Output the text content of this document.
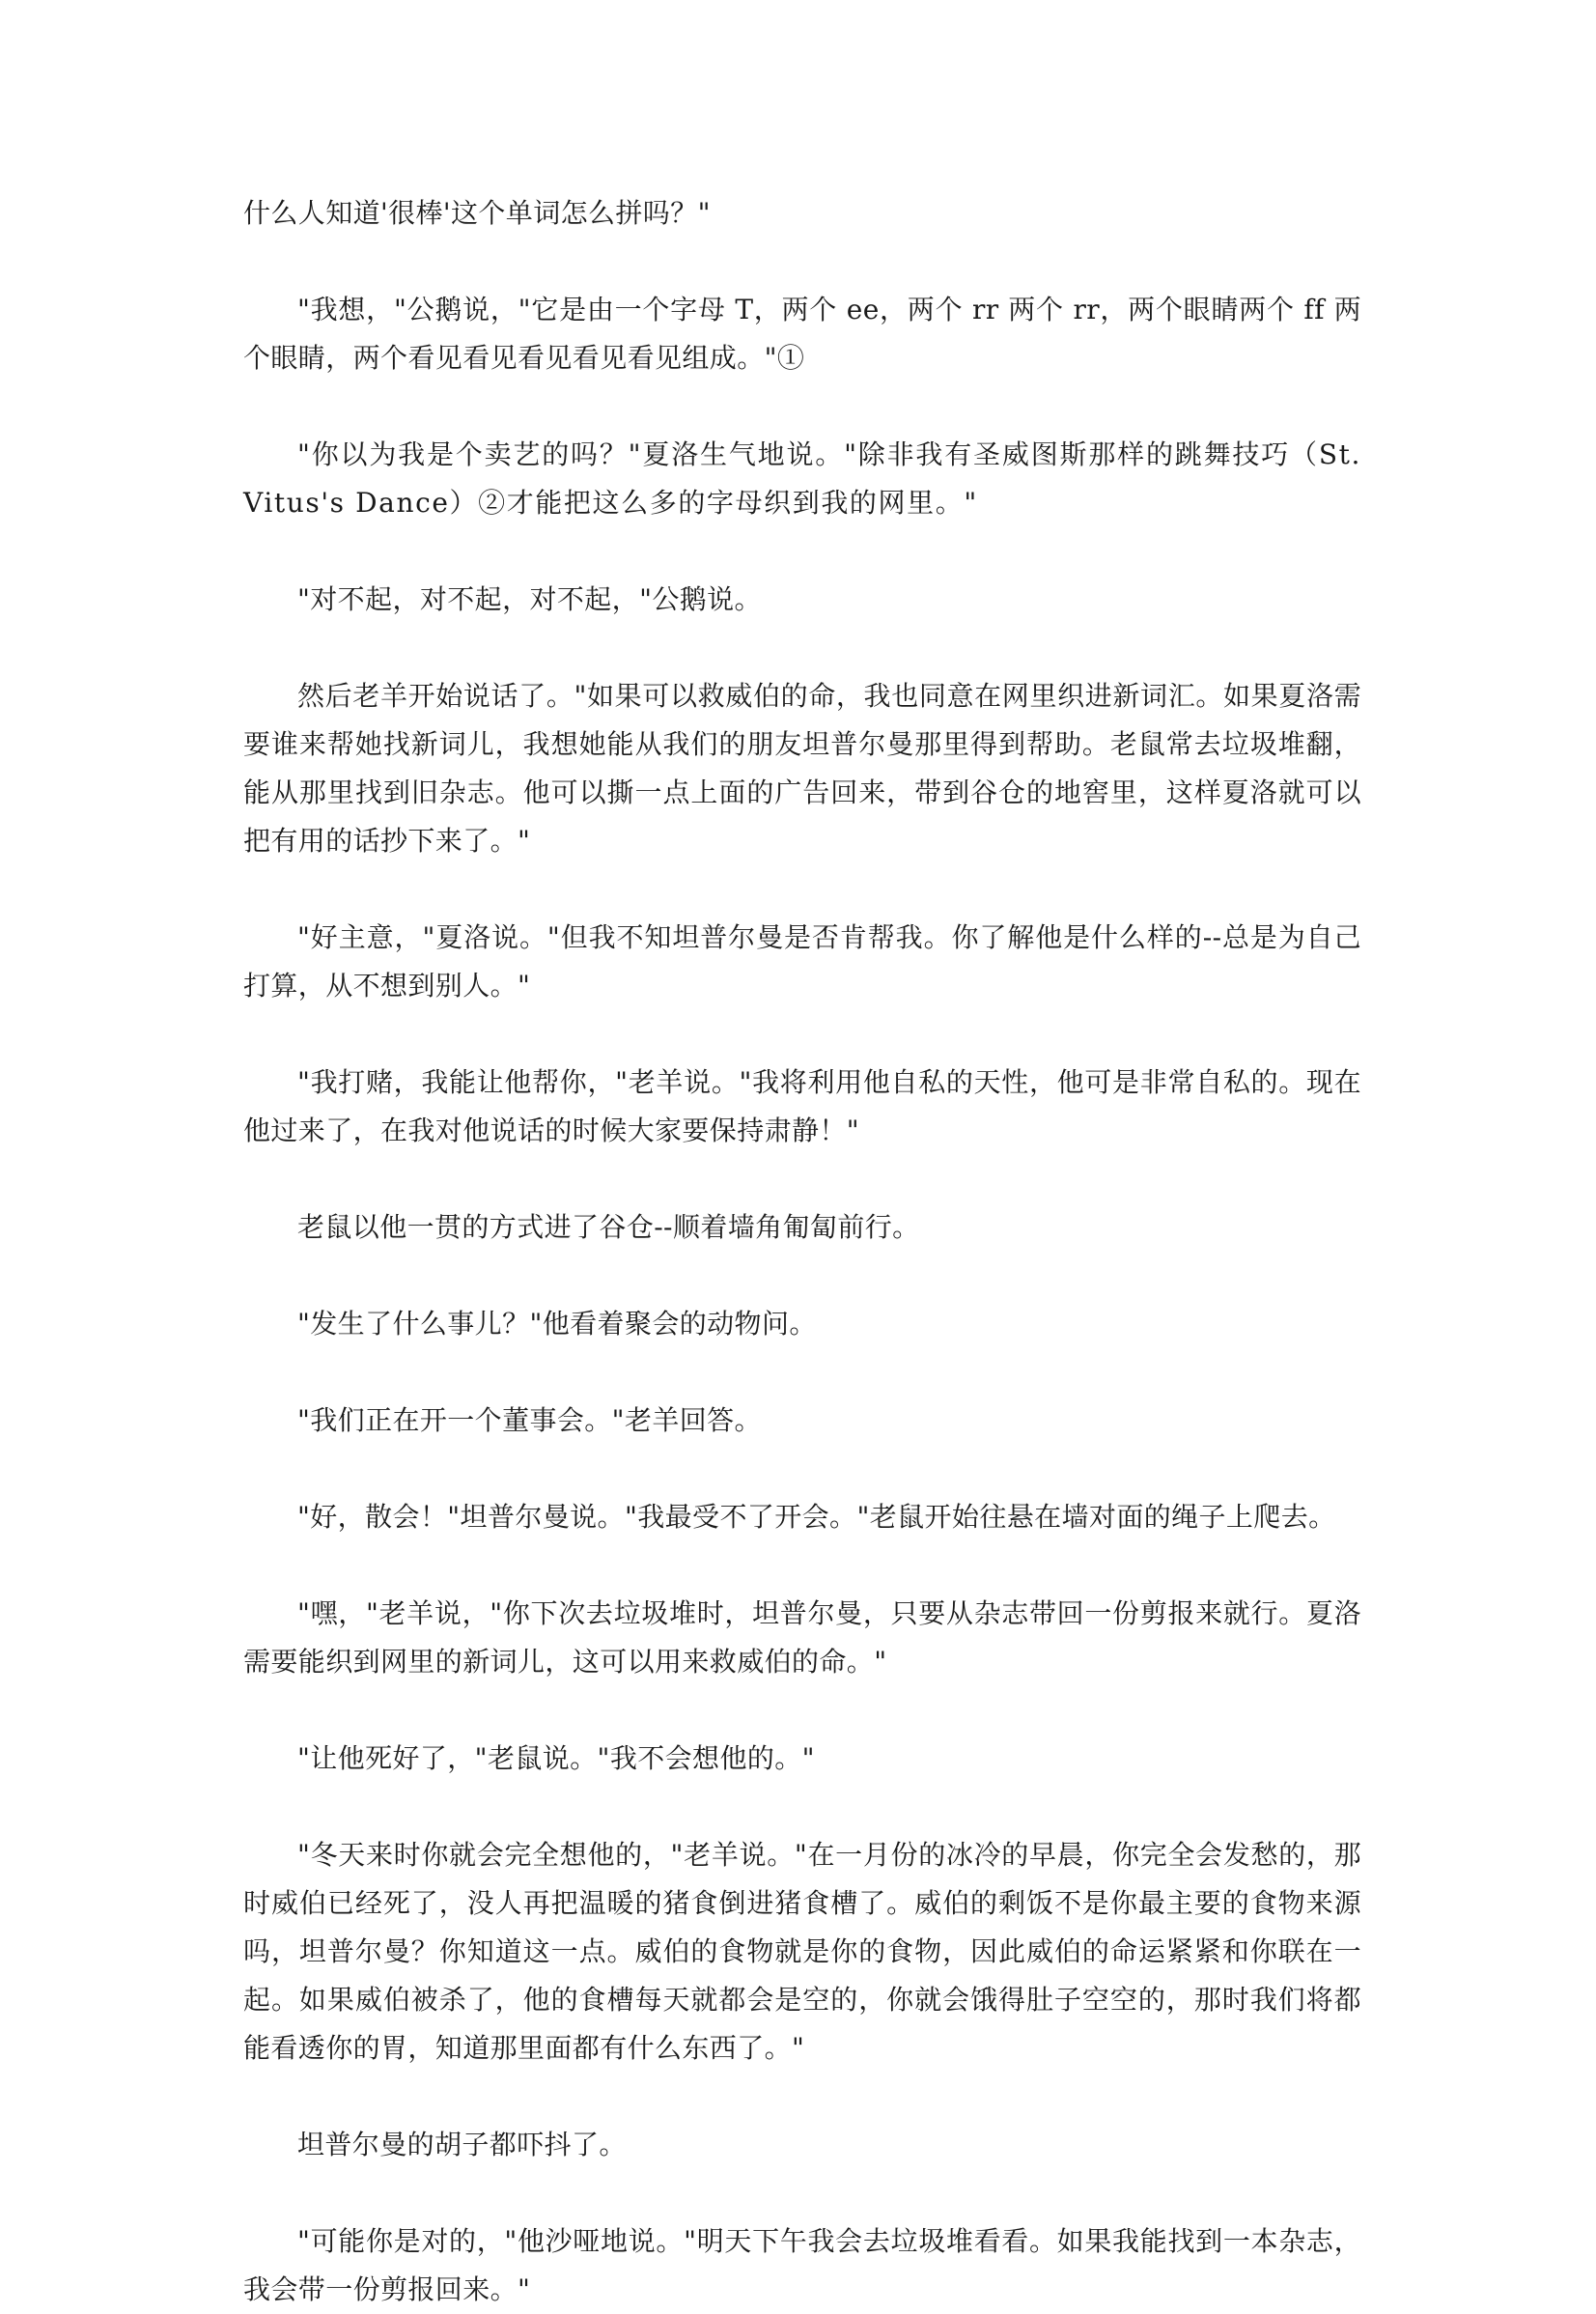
什么人知道'很棒'这个单词怎么拼吗？"

"我想，"公鹅说，"它是由一个字母 T，两个 ee，两个 rr 两个 rr，两个眼睛两个 ff 两个眼睛，两个看见看见看见看见看见组成。"①

"你以为我是个卖艺的吗？"夏洛生气地说。"除非我有圣威图斯那样的跳舞技巧（St.Vitus's Dance）②才能把这么多的字母织到我的网里。"

"对不起，对不起，对不起，"公鹅说。

然后老羊开始说话了。"如果可以救威伯的命，我也同意在网里织进新词汇。如果夏洛需要谁来帮她找新词儿，我想她能从我们的朋友坦普尔曼那里得到帮助。老鼠常去垃圾堆翻，能从那里找到旧杂志。他可以撕一点上面的广告回来，带到谷仓的地窖里，这样夏洛就可以把有用的话抄下来了。"

"好主意，"夏洛说。"但我不知坦普尔曼是否肯帮我。你了解他是什么样的--总是为自己打算，从不想到别人。"

"我打赌，我能让他帮你，"老羊说。"我将利用他自私的天性，他可是非常自私的。现在他过来了，在我对他说话的时候大家要保持肃静！"

老鼠以他一贯的方式进了谷仓--顺着墙角匍匐前行。

"发生了什么事儿？"他看着聚会的动物问。

"我们正在开一个董事会。"老羊回答。

"好，散会！"坦普尔曼说。"我最受不了开会。"老鼠开始往悬在墙对面的绳子上爬去。

"嘿，"老羊说，"你下次去垃圾堆时，坦普尔曼，只要从杂志带回一份剪报来就行。夏洛需要能织到网里的新词儿，这可以用来救威伯的命。"

"让他死好了，"老鼠说。"我不会想他的。"

"冬天来时你就会完全想他的，"老羊说。"在一月份的冰冷的早晨，你完全会发愁的，那时威伯已经死了，没人再把温暖的猪食倒进猪食槽了。威伯的剩饭不是你最主要的食物来源吗，坦普尔曼？你知道这一点。威伯的食物就是你的食物，因此威伯的命运紧紧和你联在一起。如果威伯被杀了，他的食槽每天就都会是空的，你就会饿得肚子空空的，那时我们将都能看透你的胃，知道那里面都有什么东西了。"

坦普尔曼的胡子都吓抖了。

"可能你是对的，"他沙哑地说。"明天下午我会去垃圾堆看看。如果我能找到一本杂志，我会带一份剪报回来。"
